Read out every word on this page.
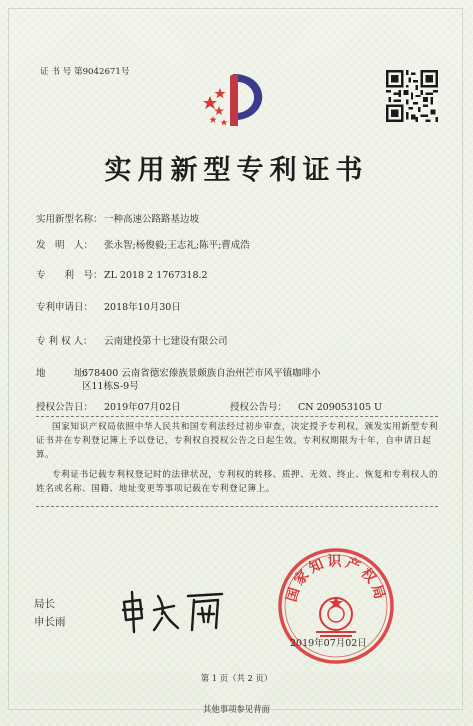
证 书 号 第9042671号
实用新型专利证书
实用新型名称： 一种高速公路路基边坡
发　明　人： 张永智;杨俊毅;王志礼;陈平;曹成浩
专　　利　号： ZL 2018 2 1767318.2
专利申请日： 2018年10月30日
专 利 权 人： 云南建投第十七建设有限公司
地　　　址：
678400 云南省德宏傣族景颇族自治州芒市风平镇咖啡小
区11栋S-9号
授权公告日： 2019年07月02日	授权公告号： CN 209053105 U
国家知识产权局依照中华人民共和国专利法经过初步审查，决定授予专利权，颁发实用新型专利证书并在专利登记簿上予以登记，专利权自授权公告之日起生效。专利权期限为十年，自申请日起算。
专利证书记载专利权登记时的法律状况，专利权的转移、质押、无效、终止、恢复和专利权人的姓名或名称、国籍、地址变更等事项记载在专利登记簿上。
局长
申长雨
国家知识产权局
2019年07月02日
第 1 页（共 2 页）
其他事项参见背面
